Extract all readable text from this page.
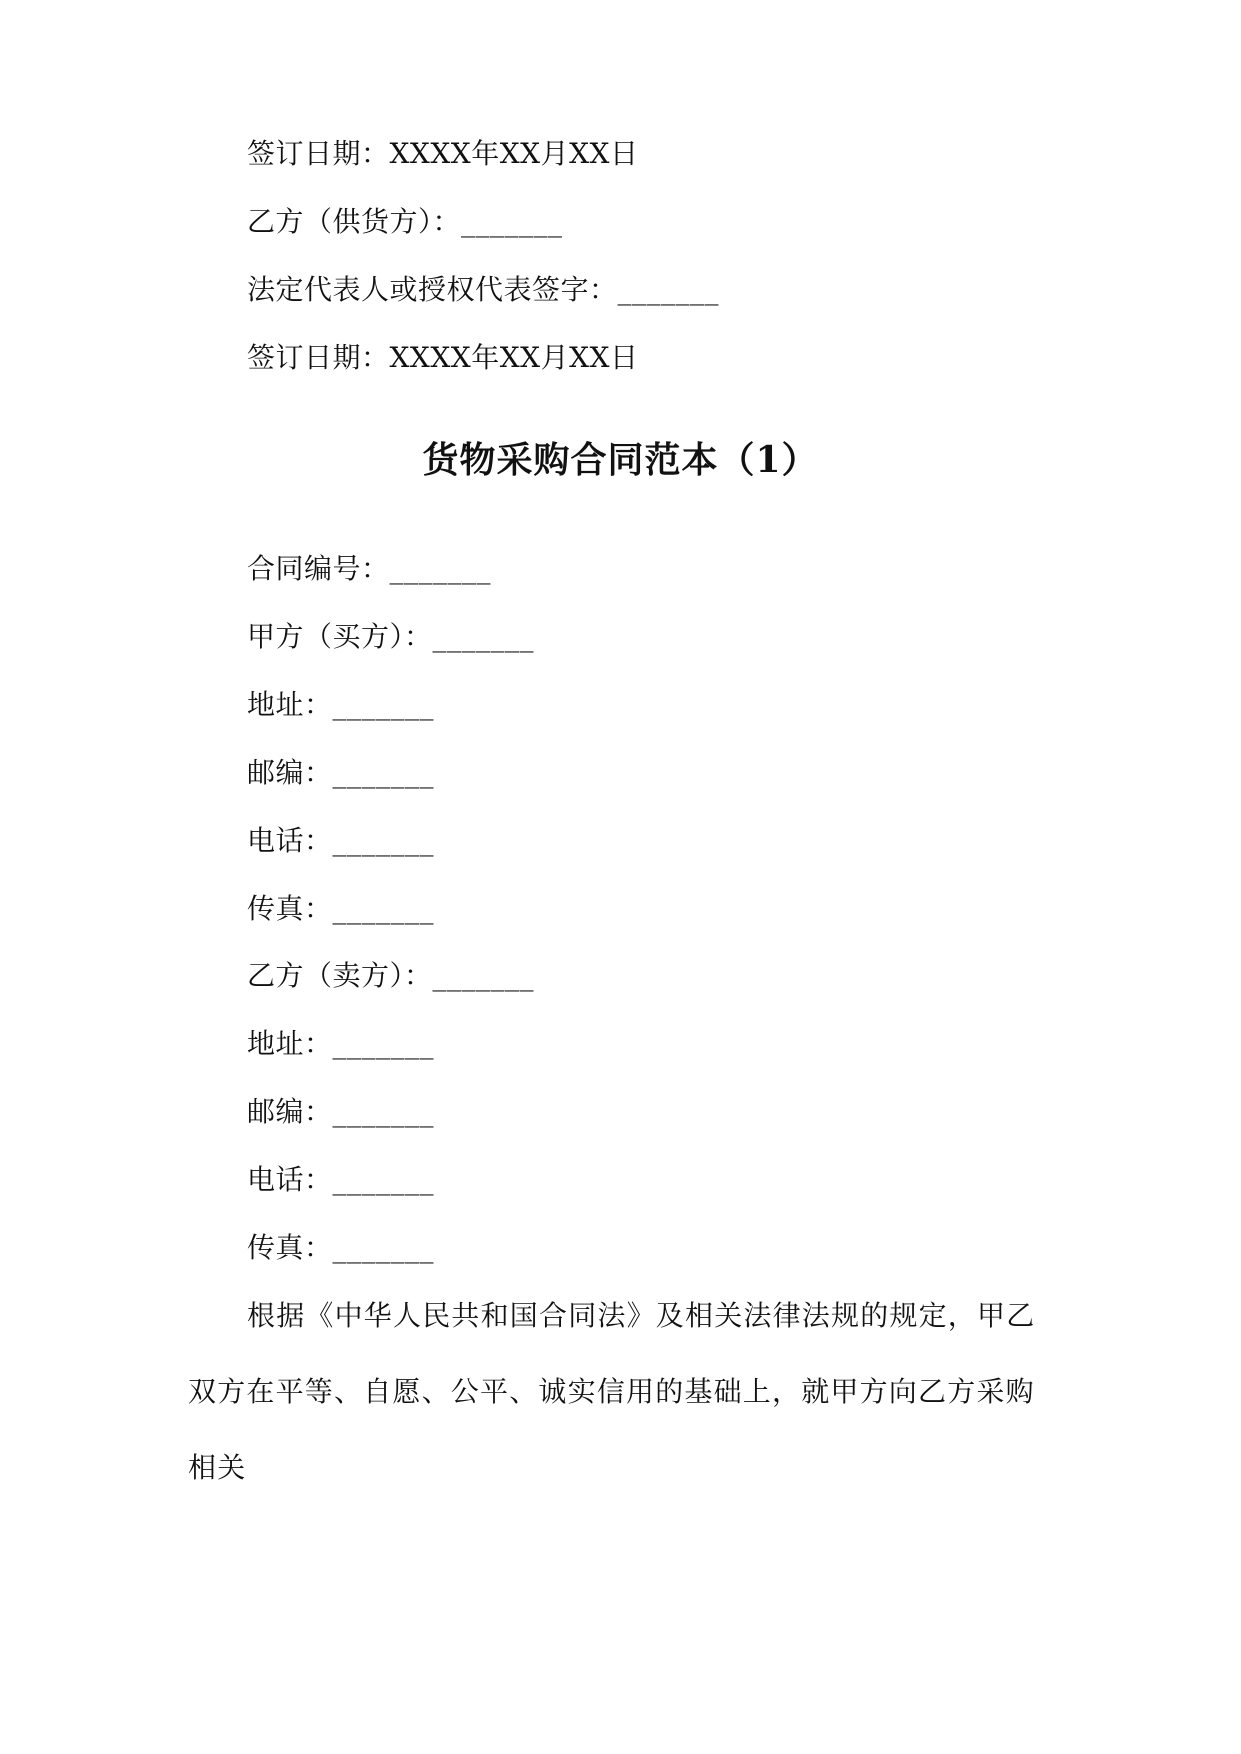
签订日期：XXXX年XX月XX日
乙方（供货方）：_______
法定代表人或授权代表签字：_______
签订日期：XXXX年XX月XX日
货物采购合同范本（1）
合同编号：_______
甲方（买方）：_______
地址：_______
邮编：_______
电话：_______
传真：_______
乙方（卖方）：_______
地址：_______
邮编：_______
电话：_______
传真：_______
根据《中华人民共和国合同法》及相关法律法规的规定，甲乙双方在平等、自愿、公平、诚实信用的基础上，就甲方向乙方采购相关
